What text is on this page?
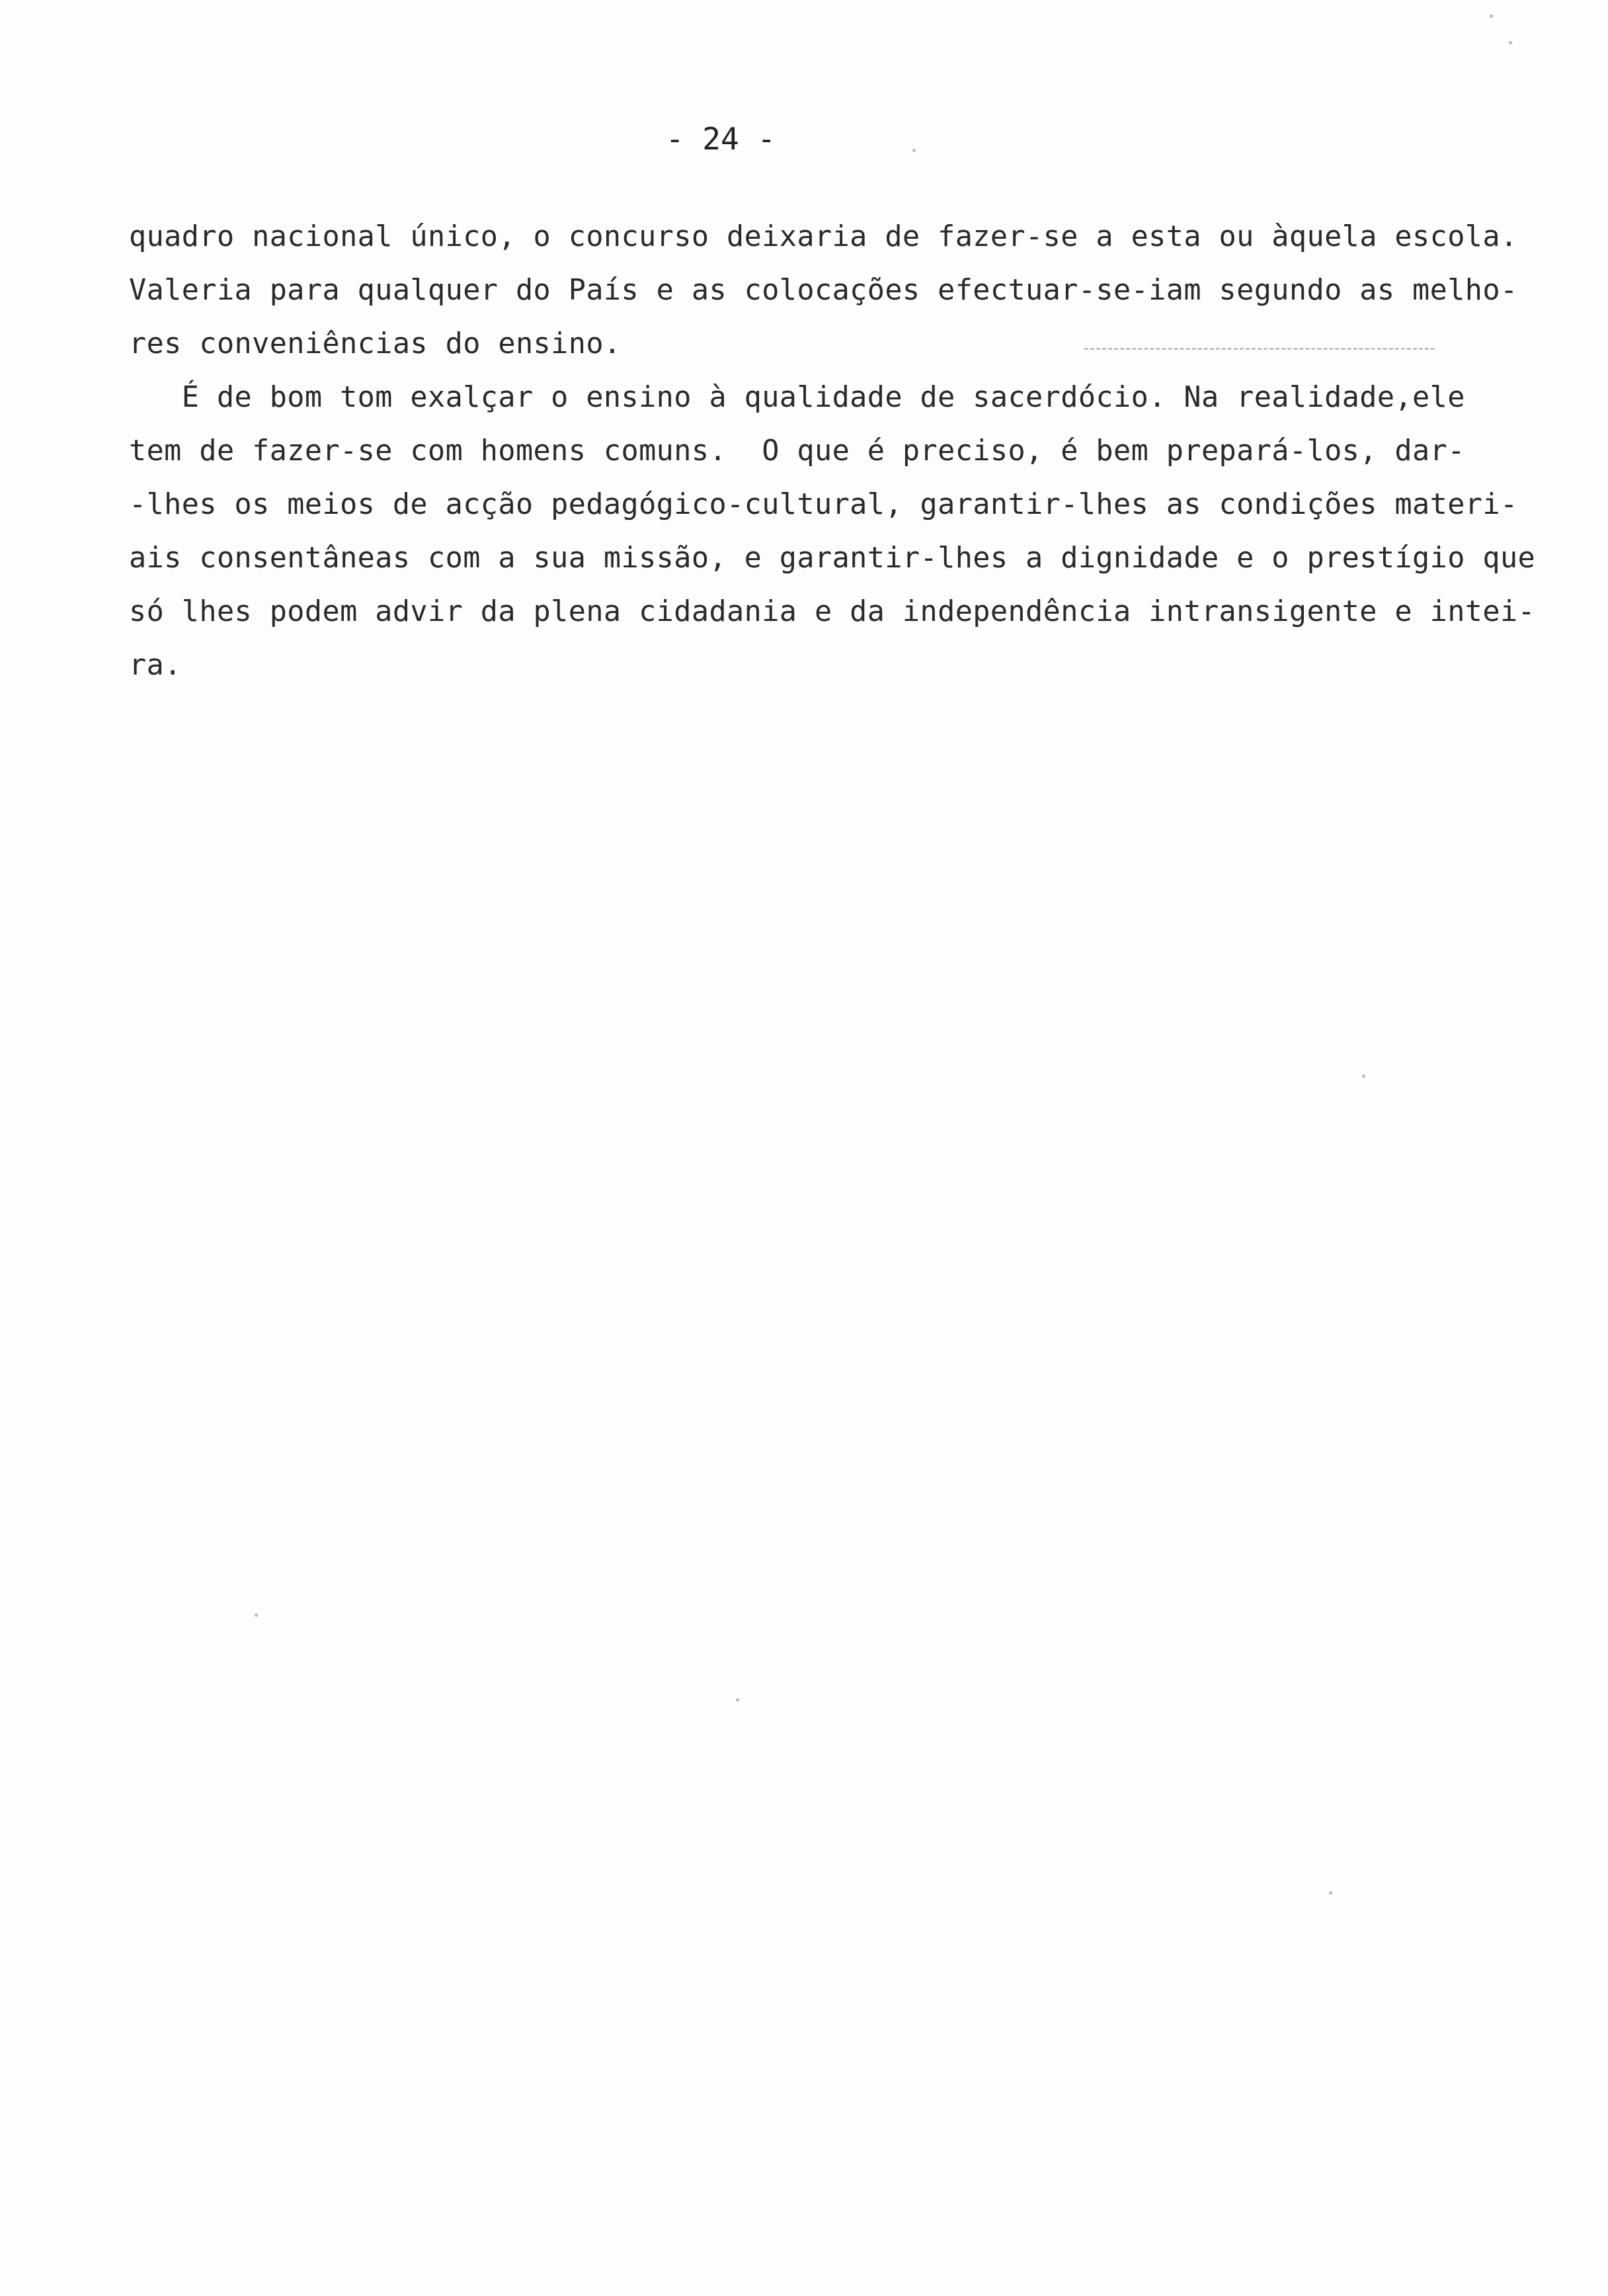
- 24 -
quadro nacional único, o concurso deixaria de fazer-se a esta ou àquela escola.
Valeria para qualquer do País e as colocações efectuar-se-iam segundo as melho-
res conveniências do ensino.
É de bom tom exalçar o ensino à qualidade de sacerdócio. Na realidade,ele
tem de fazer-se com homens comuns.  O que é preciso, é bem prepará-los, dar-
-lhes os meios de acção pedagógico-cultural, garantir-lhes as condições materi-
ais consentâneas com a sua missão, e garantir-lhes a dignidade e o prestígio que
só lhes podem advir da plena cidadania e da independência intransigente e intei-
ra.
